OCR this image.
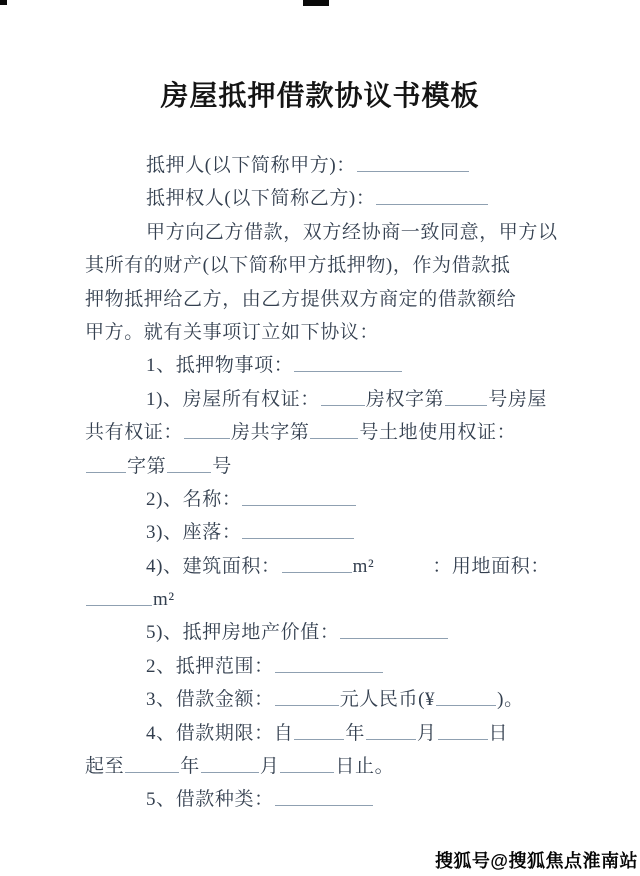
房屋抵押借款协议书模板
抵押人(以下简称甲方)：
抵押权人(以下简称乙方)：
甲方向乙方借款，双方经协商一致同意，甲方以
其所有的财产(以下简称甲方抵押物)，作为借款抵
押物抵押给乙方，由乙方提供双方商定的借款额给
甲方。就有关事项订立如下协议：
1、抵押物事项：
1)、房屋所有权证： 房权字第 号房屋
共有权证：	房共字第	号土地使用权证：
字第 号
2)、名称：
3)、座落：
4)、建筑面积：	m²	：用地面积：
m²
5)、抵押房地产价值：
2、抵押范围：
3、借款金额：	元人民币(¥	)。
4、借款期限：自	年	月	日
起至	年	月	日止。
5、借款种类：
搜狐号@搜狐焦点淮南站
